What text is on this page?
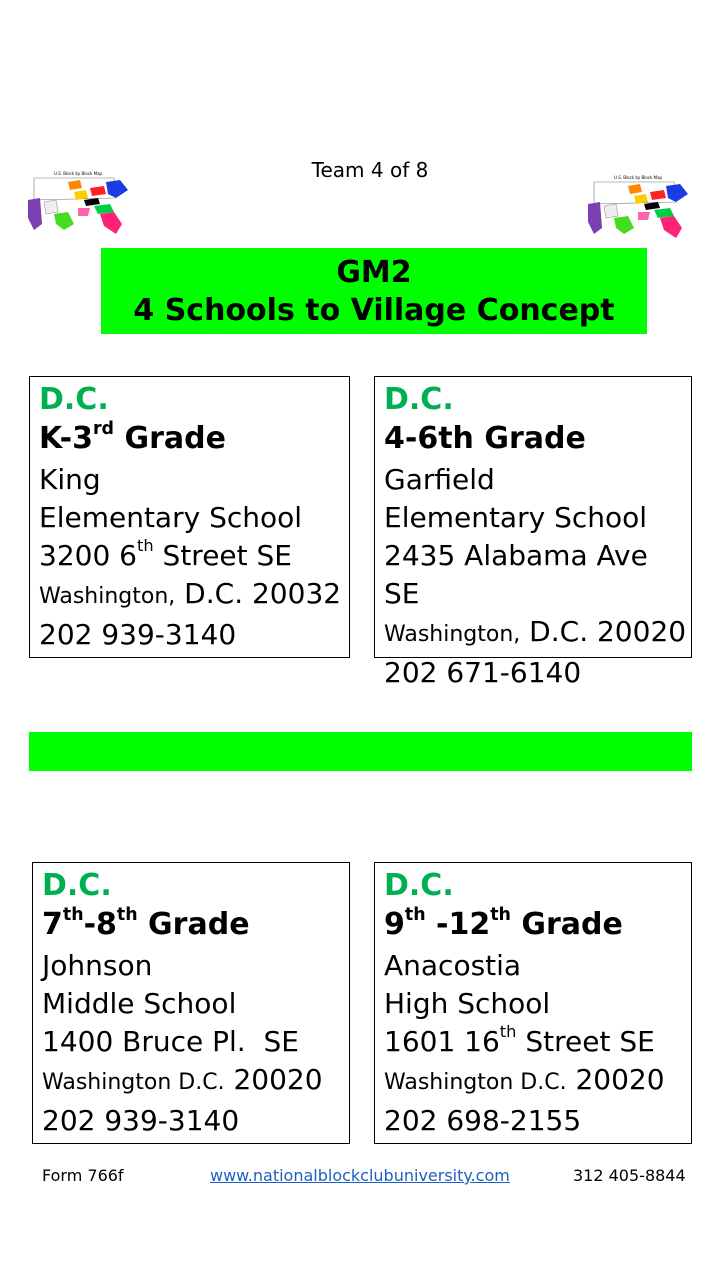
Team 4 of 8
U.S. Block by Block Map
U.S. Block by Block Map
GM2
4 Schools to Village Concept
D.C.
K-3rd Grade
King
Elementary School
3200 6th Street SE
Washington, D.C. 20032
202 939-3140
D.C.
4-6th Grade
Garfield
Elementary School
2435 Alabama Ave SE
Washington, D.C. 20020
202 671-6140
D.C.
7th-8th Grade
Johnson
Middle School
1400 Bruce Pl.  SE
Washington D.C. 20020
202 939-3140
D.C.
9th -12th Grade
Anacostia
High School
1601 16th Street SE
Washington D.C. 20020
202 698-2155
Form 766f	www.nationalblockclubuniversity.com	312 405-8844
